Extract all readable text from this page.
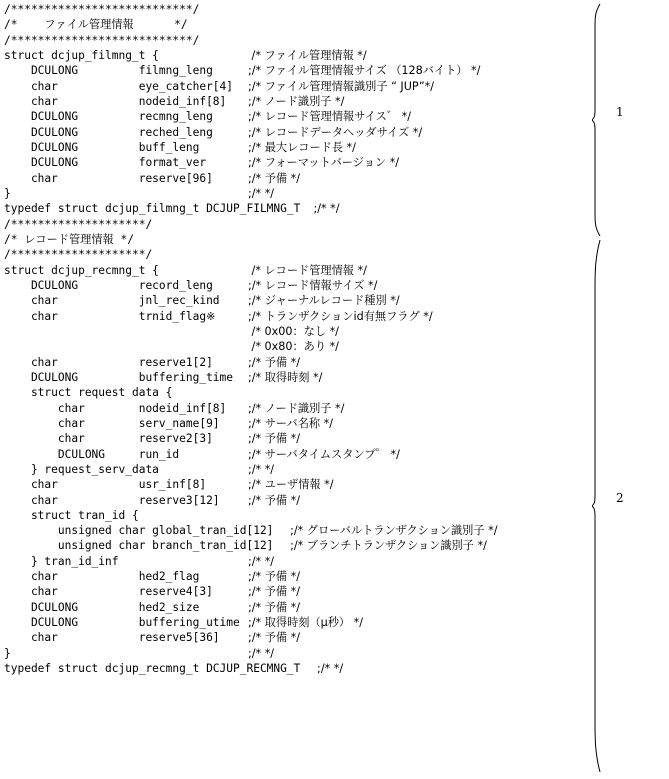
/***************************/
/*    ファイル管理情報      */
/***************************/
struct dcjup_filmng_t {	/* ファイル管理情報 */
DCULONG         filmng_leng	;/* ファイル管理情報サイズ （128バイト） */
char            eye_catcher[4]	;/* ファイル管理情報識別子 “ JUP”*/
char            nodeid_inf[8]	;/* ノード識別子 */
DCULONG         recmng_leng	;/* レコード管理情報サイス゛ */
DCULONG         reched_leng	;/* レコードデータヘッダサイズ */
DCULONG         buff_leng	;/* 最大レコード長 */
DCULONG         format_ver	;/* フォーマットバージョン */
char            reserve[96]	;/* 予備 */
}	;/* */
typedef struct dcjup_filmng_t DCJUP_FILMNG_T ;/* */
/********************/
/* レコード管理情報 */
/********************/
struct dcjup_recmng_t {	/* レコード管理情報 */
DCULONG         record_leng	;/* レコード情報サイズ */
char            jnl_rec_kind	;/* ジャーナルレコード種別 */
char            trnid_flag※	;/* トランザクションid有無フラグ */
/* 0x00：なし */
/* 0x80：あり */
char            reserve1[2]	;/* 予備 */
DCULONG         buffering_time	;/* 取得時刻 */
struct request data {
char        nodeid_inf[8]	;/* ノード識別子 */
char        serv_name[9]	;/* サーバ名称 */
char        reserve2[3]	;/* 予備 */
DCULONG     run_id	;/* サーバタイムスタンプ゜ */
} request_serv_data	;/* */
char            usr_inf[8]	;/* ユーザ情報 */
char            reserve3[12]	;/* 予備 */
struct tran_id {
unsigned char global_tran_id[12] ;/* グローバルトランザクション識別子 */
unsigned char branch_tran_id[12] ;/* ブランチトランザクション識別子 */
} tran_id_inf	;/* */
char            hed2_flag	;/* 予備 */
char            reserve4[3]	;/* 予備 */
DCULONG         hed2_size	;/* 予備 */
DCULONG         buffering_utime ;/* 取得時刻（μ秒） */
char            reserve5[36]	;/* 予備 */
}	;/* */
typedef struct dcjup_recmng_t DCJUP_RECMNG_T ;/* */
1
2
